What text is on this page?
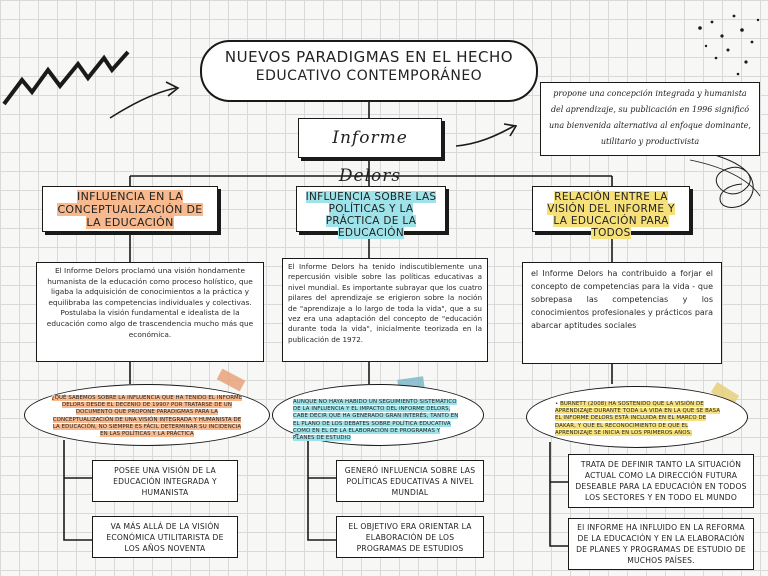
NUEVOS PARADIGMAS EN EL HECHO
EDUCATIVO CONTEMPORÁNEO
Informe Delors
propone una concepción integrada y humanista del aprendizaje, su publicación en 1996 significó una bienvenida alternativa al enfoque dominante, utilitario y productivista
INFLUENCIA EN LA CONCEPTUALIZACIÓN DE LA EDUCACIÓN
INFLUENCIA SOBRE LAS POLÍTICAS Y LA PRÁCTICA DE LA EDUCACIÓN
RELACIÓN ENTRE LA VISIÓN DEL INFORME Y LA EDUCACIÓN PARA TODOS
El Informe Delors proclamó una visión hondamente humanista de la educación como proceso holístico, que ligaba la adquisición de conocimientos a la práctica y equilibraba las competencias individuales y colectivas. Postulaba la visión fundamental e idealista de la educación como algo de trascendencia mucho más que económica.
El Informe Delors ha tenido indiscutiblemente una repercusión visible sobre las políticas educativas a nivel mundial. Es importante subrayar que los cuatro pilares del aprendizaje se erigieron sobre la noción de "aprendizaje a lo largo de toda la vida", que a su vez era una adaptación del concepto de "educación durante toda la vida", inicialmente teorizada en la publicación de 1972.
el Informe Delors ha contribuido a forjar el concepto de competencias para la vida - que sobrepasa las competencias y los conocimientos profesionales y prácticos para abarcar aptitudes sociales
¿QUÉ SABEMOS SOBRE LA INFLUENCIA QUE HA TENIDO EL INFORME DELORS DESDE EL DECENIO DE 1990? POR TRATARSE DE UN DOCUMENTO QUE PROPONE PARADIGMAS PARA LA CONCEPTUALIZACIÓN DE UNA VISIÓN INTEGRADA Y HUMANISTA DE LA EDUCACIÓN, NO SIEMPRE ES FÁCIL DETERMINAR SU INCIDENCIA EN LAS POLÍTICAS Y LA PRÁCTICA
AUNQUE NO HAYA HABIDO UN SEGUIMIENTO SISTEMÁTICO DE LA INFLUENCIA Y EL IMPACTO DEL INFORME DELORS, CABE DECIR QUE HA GENERADO GRAN INTERÉS, TANTO EN EL PLANO DE LOS DEBATES SOBRE POLÍTICA EDUCATIVA COMO EN EL DE LA ELABORACIÓN DE PROGRAMAS Y PLANES DE ESTUDIO
• BURNETT (2008) HA SOSTENIDO QUE LA VISIÓN DE APRENDIZAJE DURANTE TODA LA VIDA EN LA QUE SE BASA EL INFORME DELORS ESTÁ INCLUIDA EN EL MARCO DE DAKAR, Y QUE EL RECONOCIMIENTO DE QUE EL APRENDIZAJE SE INICIA EN LOS PRIMEROS AÑOS.
POSEE UNA VISIÓN DE LA EDUCACIÓN INTEGRADA Y HUMANISTA
VA MÁS ALLÁ DE LA VISIÓN ECONÓMICA UTILITARISTA DE LOS AÑOS NOVENTA
GENERÓ INFLUENCIA SOBRE LAS POLÍTICAS EDUCATIVAS A NIVEL MUNDIAL
EL OBJETIVO ERA ORIENTAR LA ELABORACIÓN DE LOS PROGRAMAS DE ESTUDIOS
TRATA DE DEFINIR TANTO LA SITUACIÓN ACTUAL COMO LA DIRECCIÓN FUTURA DESEABLE PARA LA EDUCACIÓN EN TODOS LOS SECTORES Y EN TODO EL MUNDO
El INFORME HA INFLUIDO EN LA REFORMA DE LA EDUCACIÓN Y EN LA ELABORACIÓN DE PLANES Y PROGRAMAS DE ESTUDIO DE MUCHOS PAÍSES.
